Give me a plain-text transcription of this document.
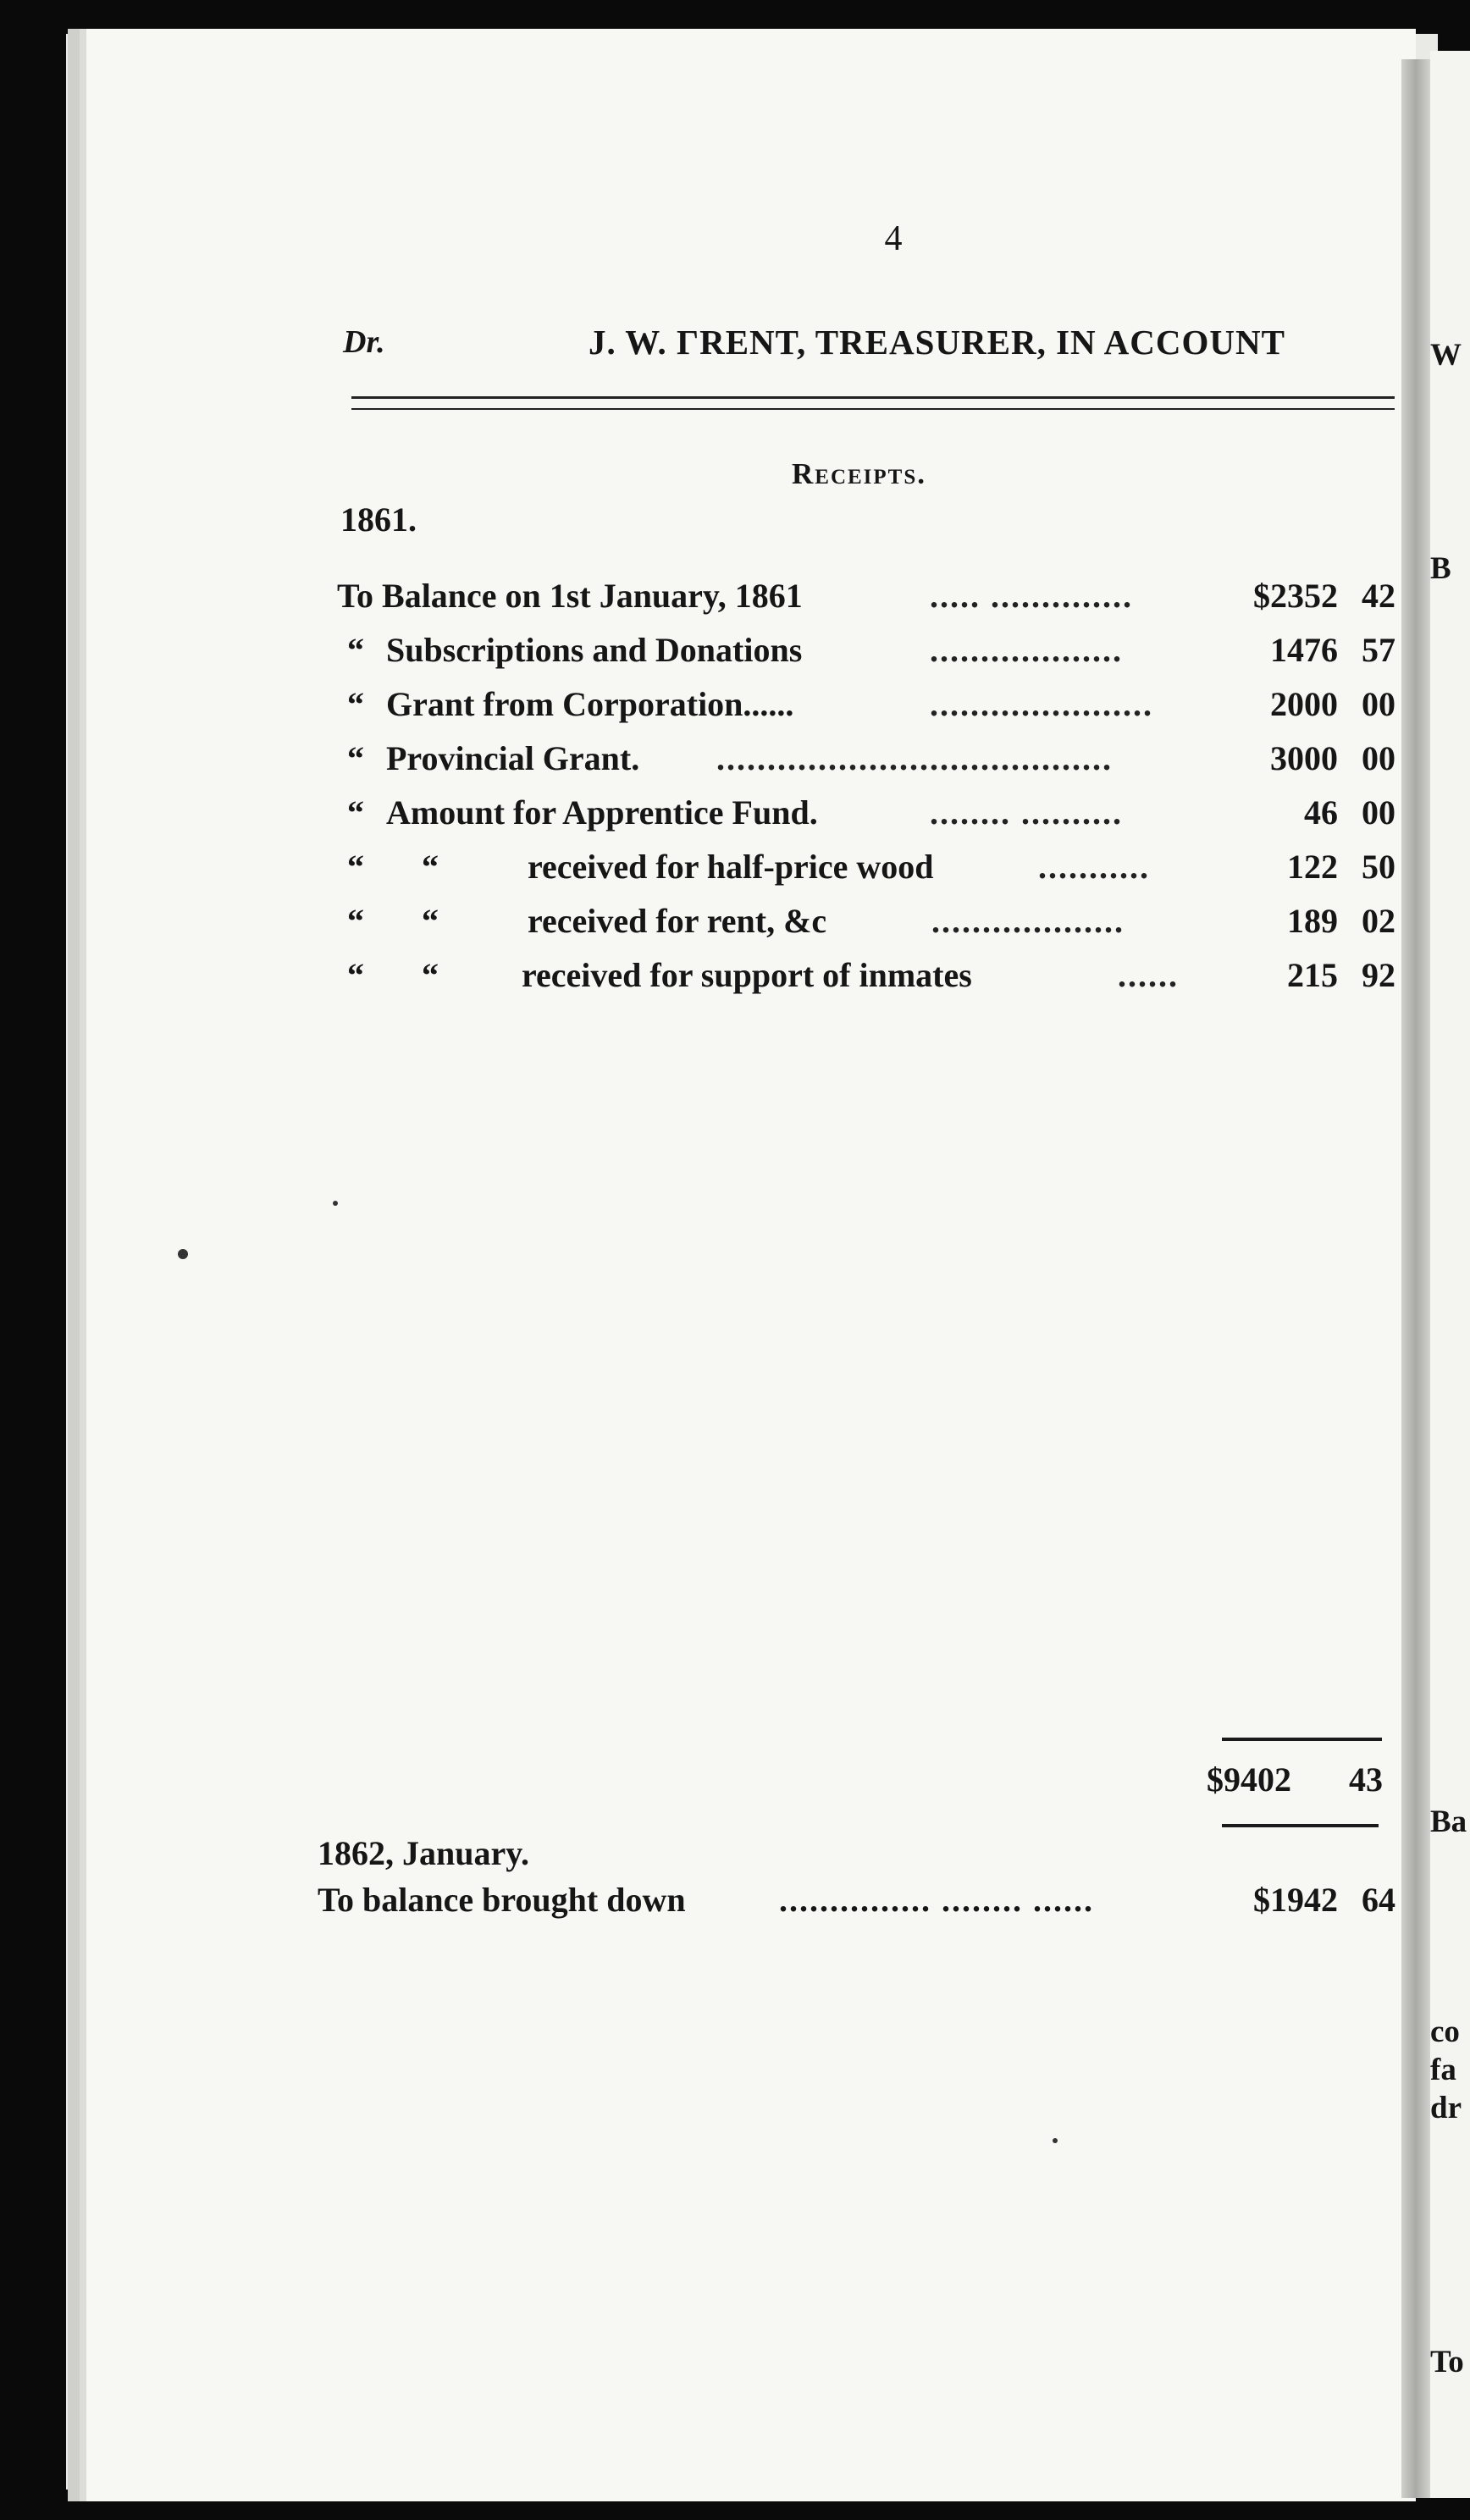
W
B
Ba
co
fa
dr
To
4
Dr.	J. W. ΓRENT, TREASURER, IN ACCOUNT
Receipts.
1861.
To Balance on 1st January, 1861	..... ..............	$2352 42
“ Subscriptions and Donations	...................	1476 57
“ Grant from Corporation......	......................	2000 00
“ Provincial Grant. .......................................	3000 00
“ Amount for Apprentice Fund.	........ ..........	46 00
“ “	received for half-price wood	...........	122 50
“ “	received for rent, &c	...................	189 02
“ “ received for support of inmates	......	215 92
$9402 43
1862, January.
To balance brought down	............... ........ ......	$1942 64
